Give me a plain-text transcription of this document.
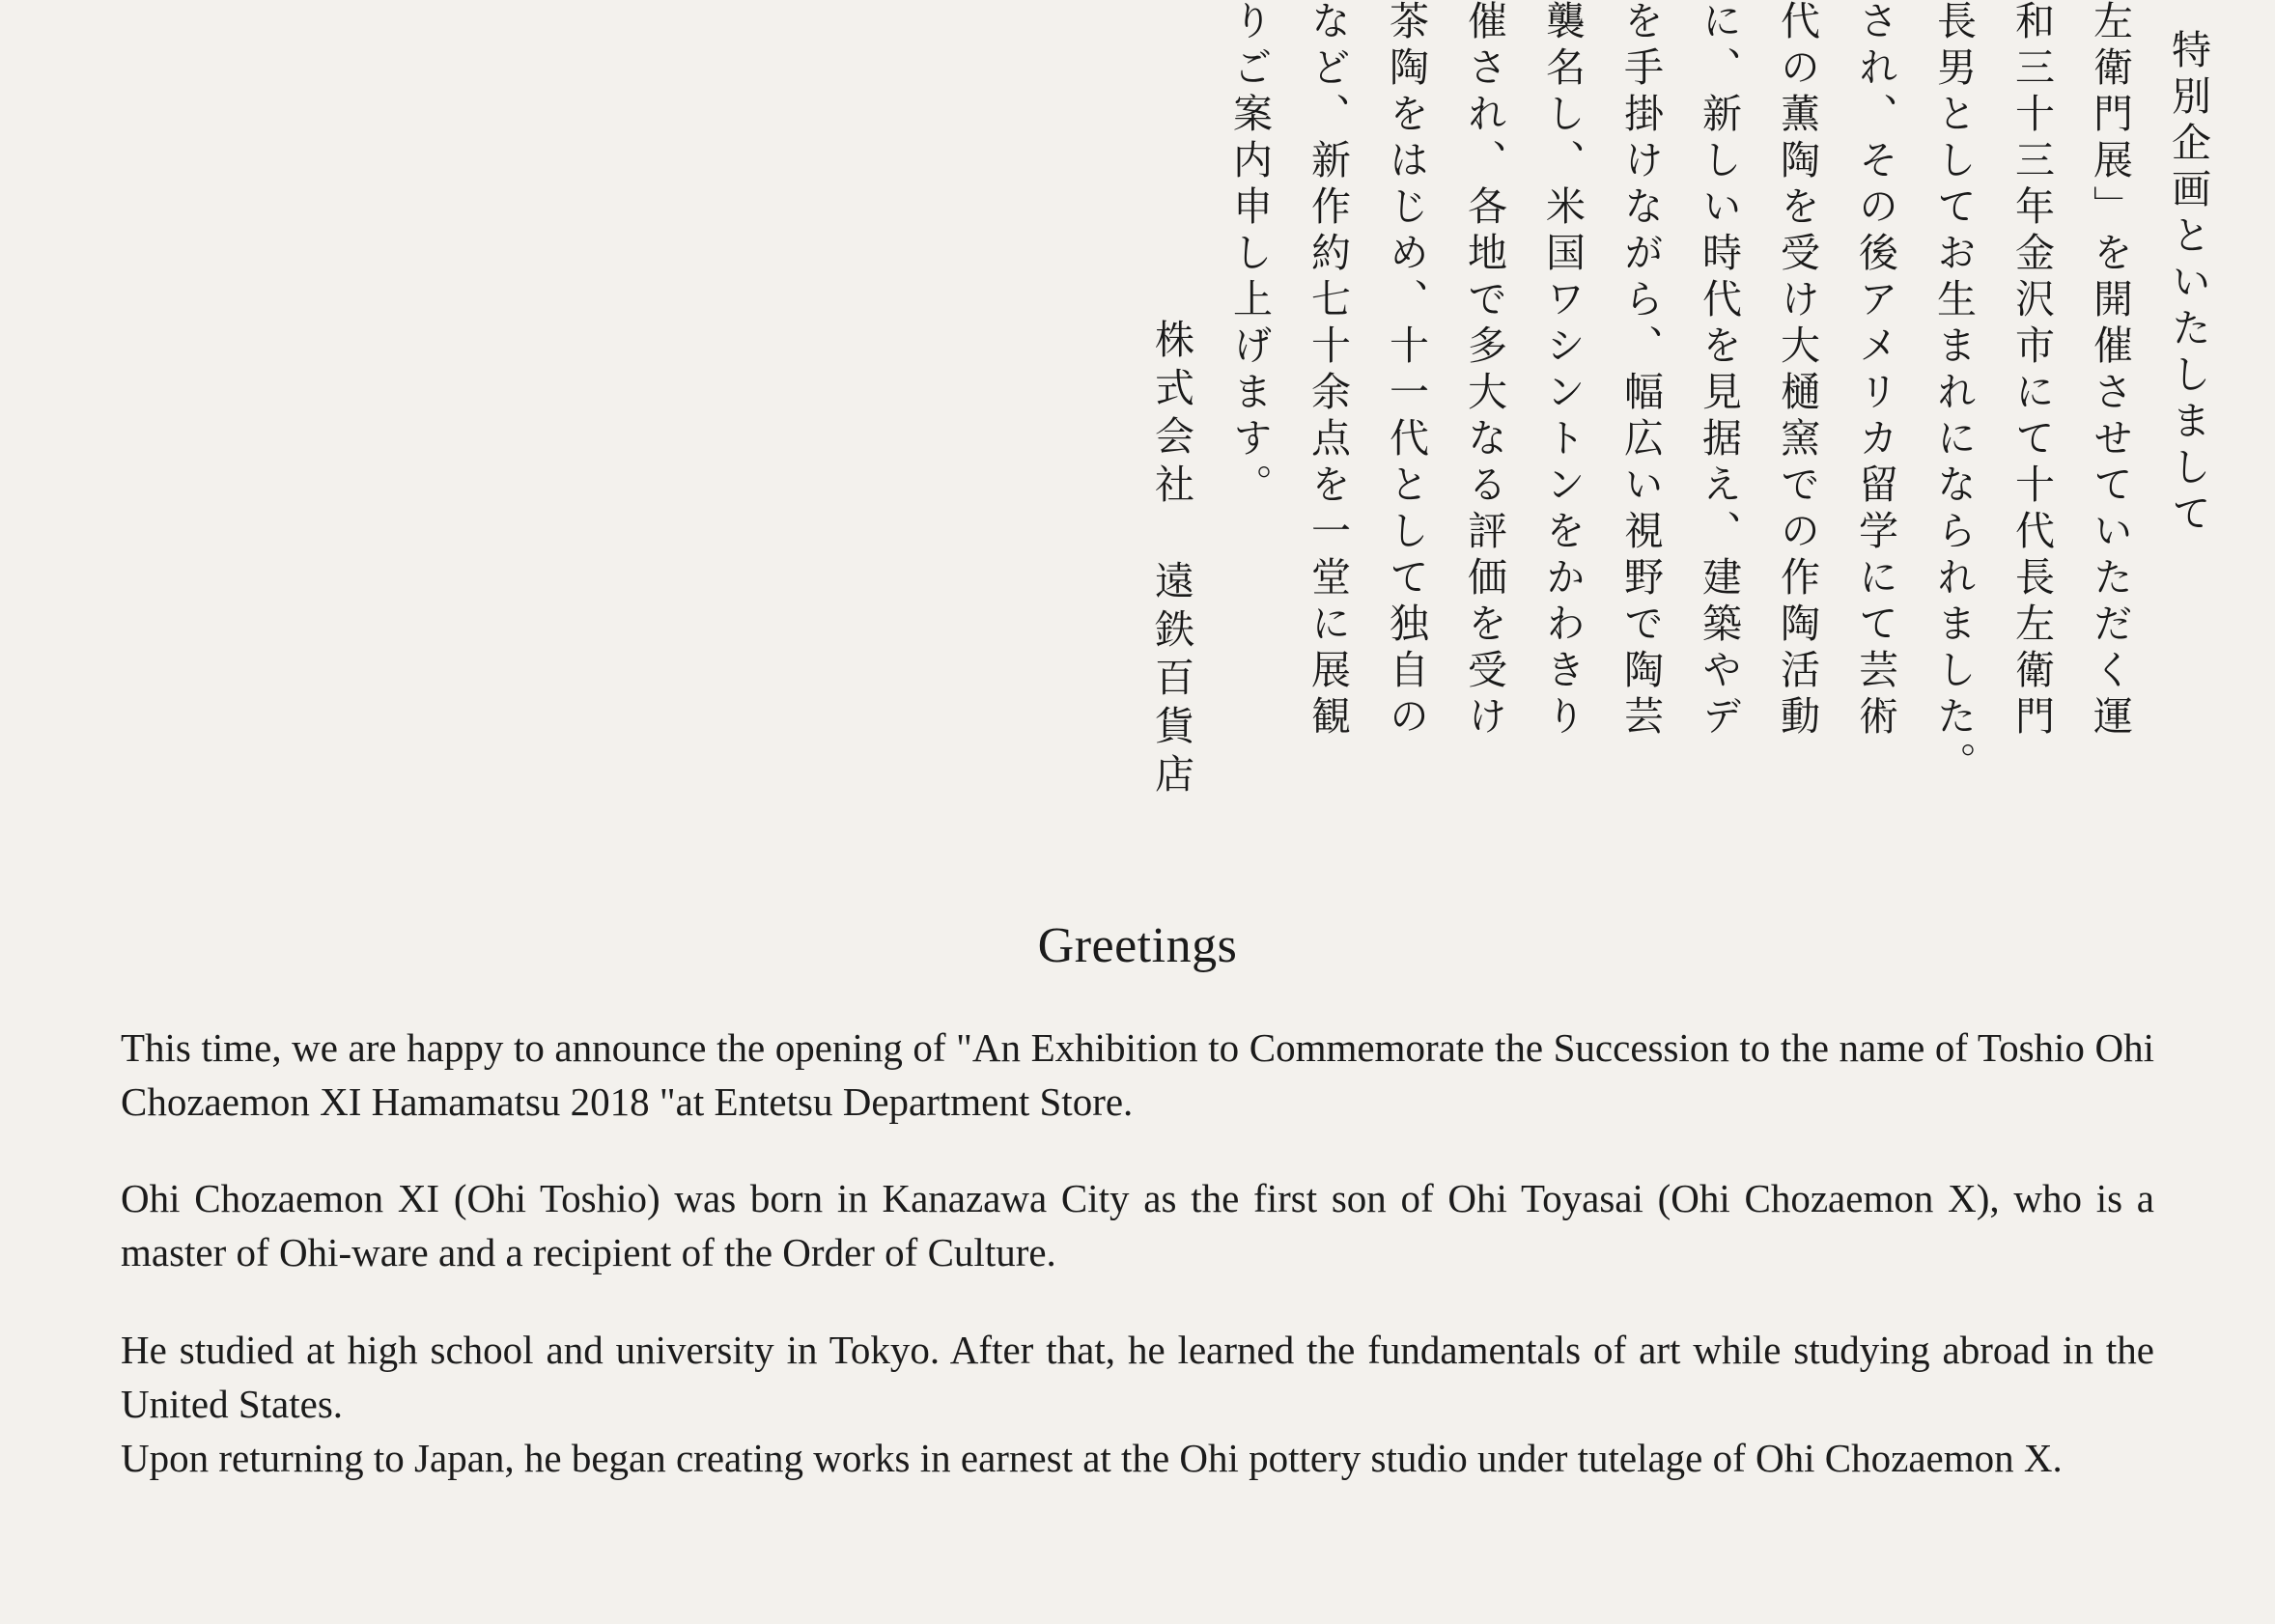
特別企画といたしまして
左衛門展」を開催させていただく運
和三十三年金沢市にて十代長左衛門
長男としてお生まれになられました。
され、その後アメリカ留学にて芸術
代の薫陶を受け大樋窯での作陶活動
に、新しい時代を見据え、建築やデ
を手掛けながら、幅広い視野で陶芸
襲名し、米国ワシントンをかわきり
催され、各地で多大なる評価を受け
茶陶をはじめ、十一代として独自の
など、新作約七十余点を一堂に展観
りご案内申し上げます。
株式会社　遠鉄百貨店
Greetings

This time, we are happy to announce the opening of "An Exhibition to Commemorate the Succession to the name of Toshio Ohi Chozaemon XI Hamamatsu 2018 "at Entetsu Department Store.

Ohi Chozaemon XI (Ohi Toshio) was born in Kanazawa City as the first son of Ohi Toyasai (Ohi Chozaemon X), who is a master of Ohi-ware and a recipient of the Order of Culture.

He studied at high school and university in Tokyo. After that, he learned the fundamentals of art while studying abroad in the United States.

Upon returning to Japan, he began creating works in earnest at the Ohi pottery studio under tutelage of Ohi Chozaemon X.
